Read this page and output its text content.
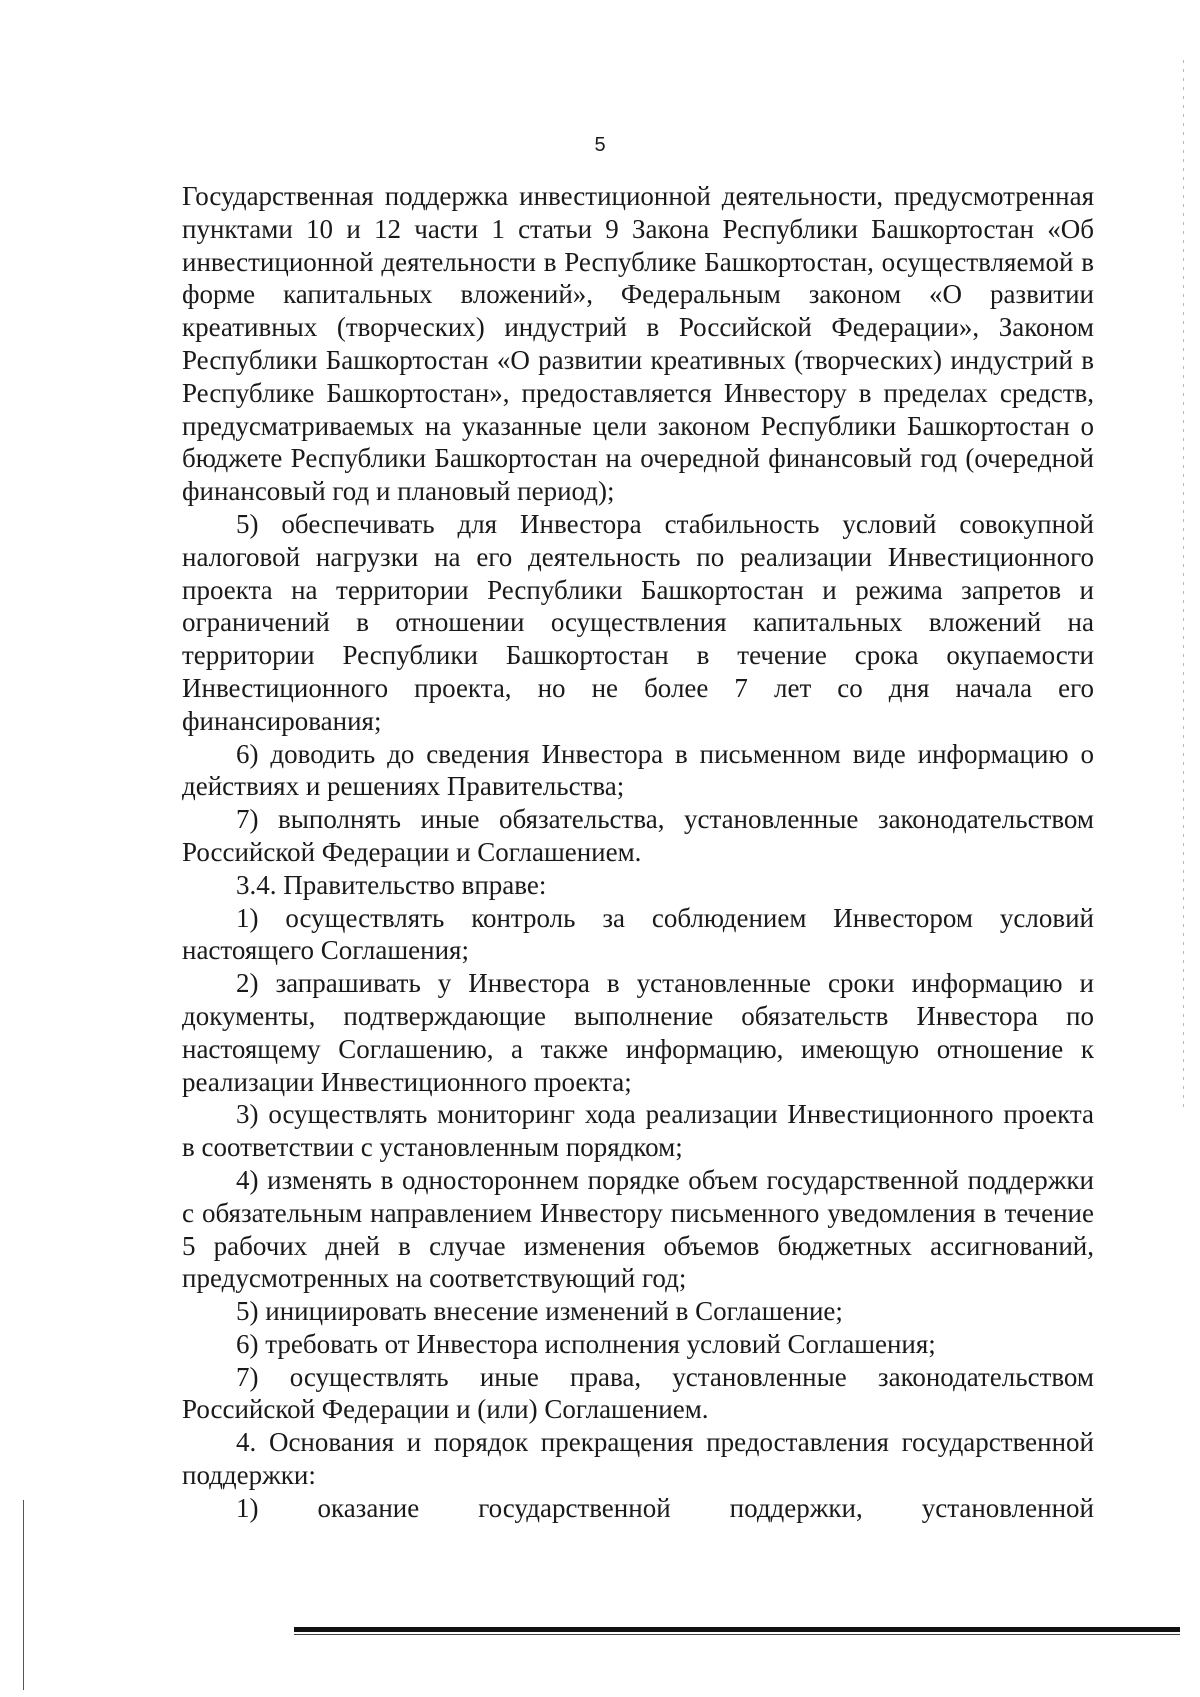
5

Государственная поддержка инвестиционной деятельности, предусмотренная пунктами 10 и 12 части 1 статьи 9 Закона Республики Башкортостан «Об инвестиционной деятельности в Республике Башкортостан, осуществляемой в форме капитальных вложений», Федеральным законом «О развитии креативных (творческих) индустрий в Российской Федерации», Законом Республики Башкортостан «О развитии креативных (творческих) индустрий в Республике Башкортостан», предоставляется Инвестору в пределах средств, предусматриваемых на указанные цели законом Республики Башкортостан о бюджете Республики Башкортостан на очередной финансовый год (очередной финансовый год и плановый период);

5) обеспечивать для Инвестора стабильность условий совокупной налоговой нагрузки на его деятельность по реализации Инвестиционного проекта на территории Республики Башкортостан и режима запретов и ограничений в отношении осуществления капитальных вложений на территории Республики Башкортостан в течение срока окупаемости Инвестиционного проекта, но не более 7 лет со дня начала его финансирования;

6) доводить до сведения Инвестора в письменном виде информацию о действиях и решениях Правительства;

7) выполнять иные обязательства, установленные законодательством Российской Федерации и Соглашением.

3.4. Правительство вправе:

1) осуществлять контроль за соблюдением Инвестором условий настоящего Соглашения;

2) запрашивать у Инвестора в установленные сроки информацию и документы, подтверждающие выполнение обязательств Инвестора по настоящему Соглашению, а также информацию, имеющую отношение к реализации Инвестиционного проекта;

3) осуществлять мониторинг хода реализации Инвестиционного проекта в соответствии с установленным порядком;

4) изменять в одностороннем порядке объем государственной поддержки с обязательным направлением Инвестору письменного уведомления в течение 5 рабочих дней в случае изменения объемов бюджетных ассигнований, предусмотренных на соответствующий год;

5) инициировать внесение изменений в Соглашение;

6) требовать от Инвестора исполнения условий Соглашения;

7) осуществлять иные права, установленные законодательством Российской Федерации и (или) Соглашением.

4. Основания и порядок прекращения предоставления государственной поддержки:

1) оказание государственной поддержки, установленной
